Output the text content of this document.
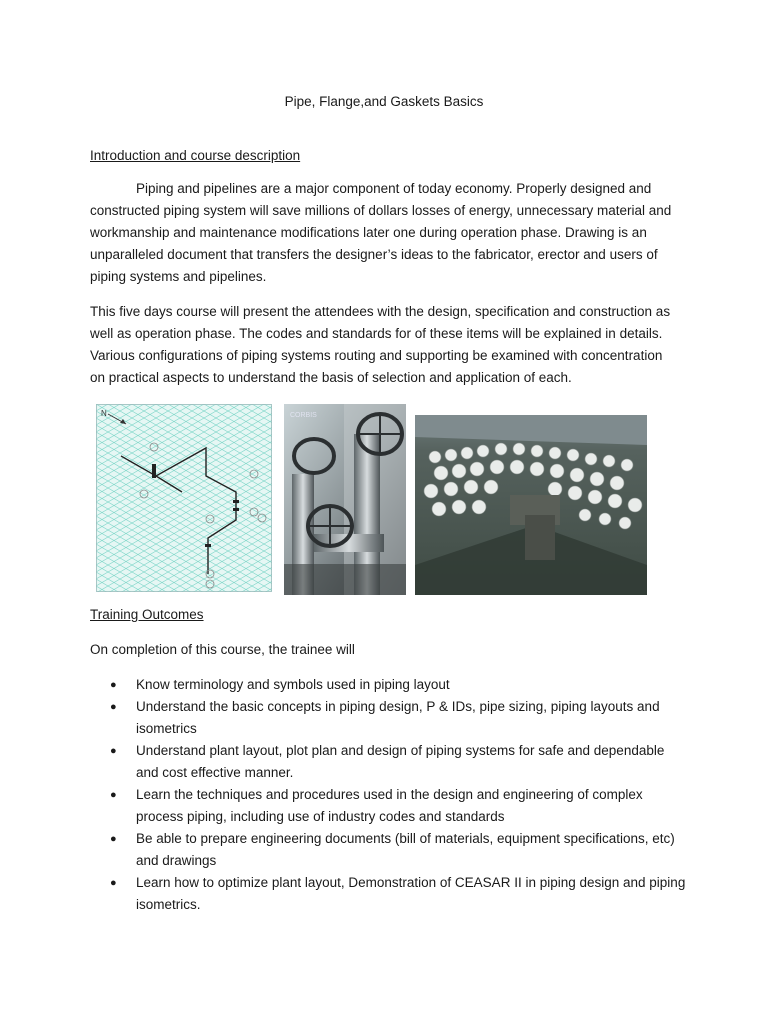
Pipe, Flange,and Gaskets Basics
Introduction and course description

Piping and pipelines are a major component of today economy. Properly designed and constructed piping system will save millions of dollars losses of energy, unnecessary material and workmanship and maintenance modifications later one during operation phase. Drawing is an unparalleled document that transfers the designer’s ideas to the fabricator, erector and users of piping systems and pipelines.

This five days course will present the attendees with the design, specification and construction as well as operation phase. The codes and standards for of these items will be explained in details. Various configurations of piping systems routing and supporting be examined with concentration on practical aspects to understand the basis of selection and application of each.

N	CORBIS
Training Outcomes

On completion of this course, the trainee will

● Know terminology and symbols used in piping layout
● Understand the basic concepts in piping design, P & IDs, pipe sizing, piping layouts and isometrics
● Understand plant layout, plot plan and design of piping systems for safe and dependable and cost effective manner.
● Learn the techniques and procedures used in the design and engineering of complex process piping, including use of industry codes and standards
● Be able to prepare engineering documents (bill of materials, equipment specifications, etc) and drawings
● Learn how to optimize plant layout, Demonstration of CEASAR II in piping design and piping isometrics.
